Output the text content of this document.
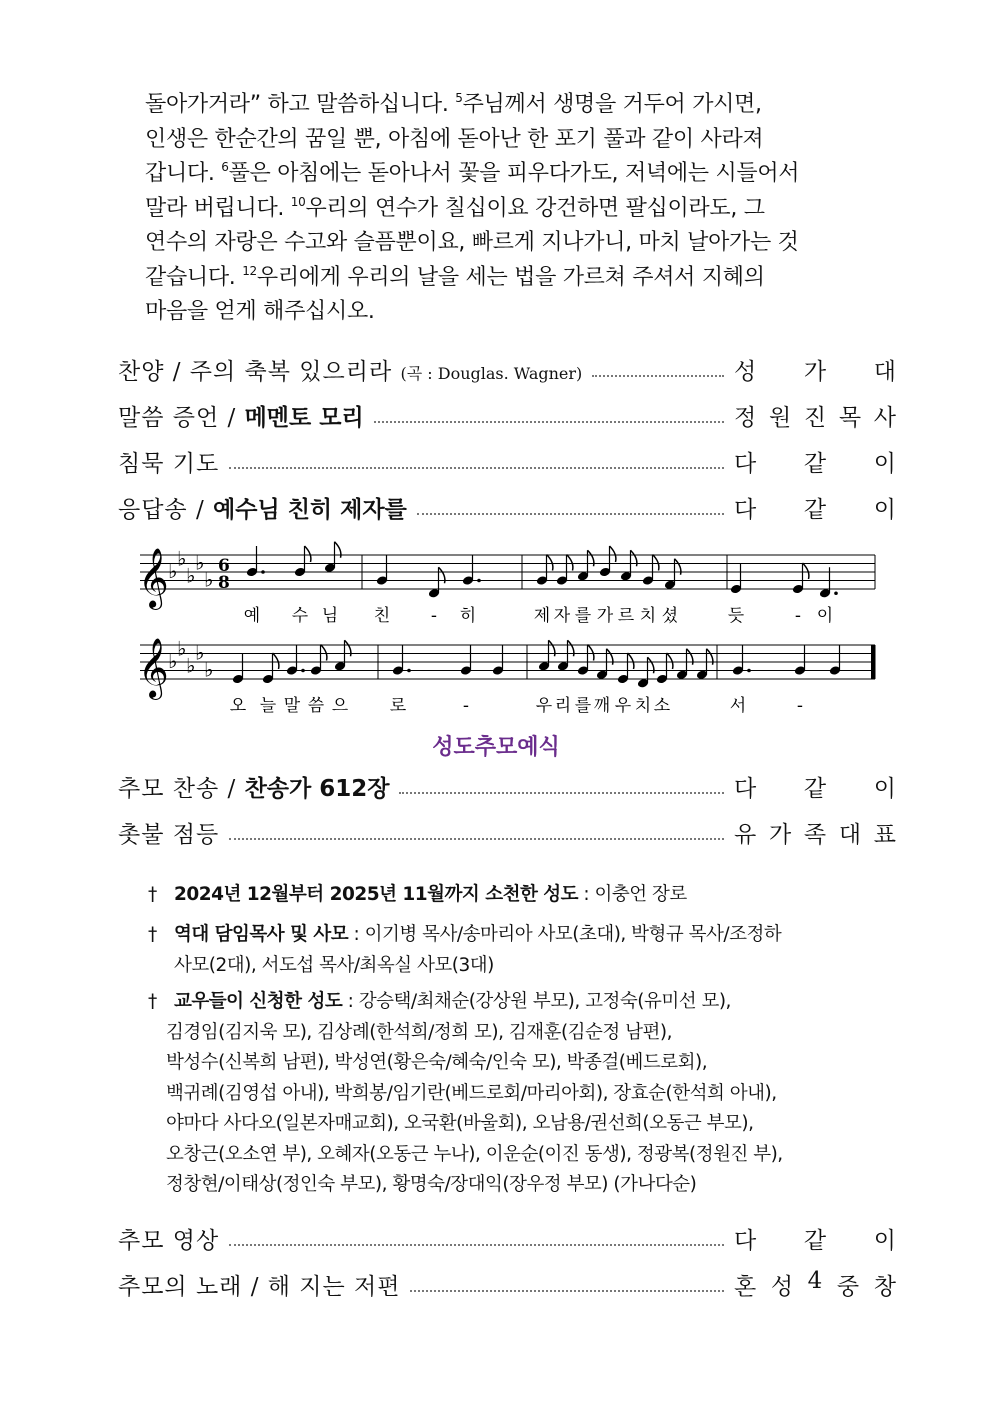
돌아가거라” 하고 말씀하십니다. $^5$주님께서 생명을 거두어 가시면,
인생은 한순간의 꿈일 뿐, 아침에 돋아난 한 포기 풀과 같이 사라져
갑니다. $^6$풀은 아침에는 돋아나서 꽃을 피우다가도, 저녁에는 시들어서
말라 버립니다. $^{10}$우리의 연수가 칠십이요 강건하면 팔십이라도, 그
연수의 자랑은 수고와 슬픔뿐이요, 빠르게 지나가니, 마치 날아가는 것
같습니다. $^{12}$우리에게 우리의 날을 세는 법을 가르쳐 주셔서 지혜의
마음을 얻게 해주십시오.
찬양 / 주의 축복 있으리라 (곡 : Douglas. Wagner)	성 가 대
말씀 증언 / 메멘토 모리	정 원 진 목 사
침묵 기도	다 같 이
응답송 / 예수님 친히 제자를	다 같 이
𝄞 ♭
♭
♭
♭
♭
6
8
예 수 님 친 - 히	제 자 를 가 르 치 셨	듯	- 이
𝄞 ♭
♭
♭
♭
♭
오 늘 말 씀 으 로	-	우 리 를 깨 우 치 소	서	-
성도추모예식
추모 찬송 / 찬송가 612장	다 같 이
촛불 점등	유 가 족 대 표
† 2024년 12월부터 2025년 11월까지 소천한 성도 : 이충언 장로
† 역대 담임목사 및 사모 : 이기병 목사/송마리아 사모(초대), 박형규 목사/조정하
사모(2대), 서도섭 목사/최옥실 사모(3대)
† 교우들이 신청한 성도 : 강승택/최채순(강상원 부모), 고정숙(유미선 모),
김경임(김지욱 모), 김상례(한석희/정희 모), 김재훈(김순정 남편),
박성수(신복희 남편), 박성연(황은숙/혜숙/인숙 모), 박종걸(베드로회),
백귀례(김영섭 아내), 박희봉/임기란(베드로회/마리아회), 장효순(한석희 아내),
야마다 사다오(일본자매교회), 오국환(바울회), 오남용/권선희(오동근 부모),
오창근(오소연 부), 오혜자(오동근 누나), 이운순(이진 동생), 정광복(정원진 부),
정창현/이태상(정인숙 부모), 황명숙/장대익(장우정 부모) (가나다순)
추모 영상	다 같 이
추모의 노래 / 해 지는 저편	혼 성 4 중 창
